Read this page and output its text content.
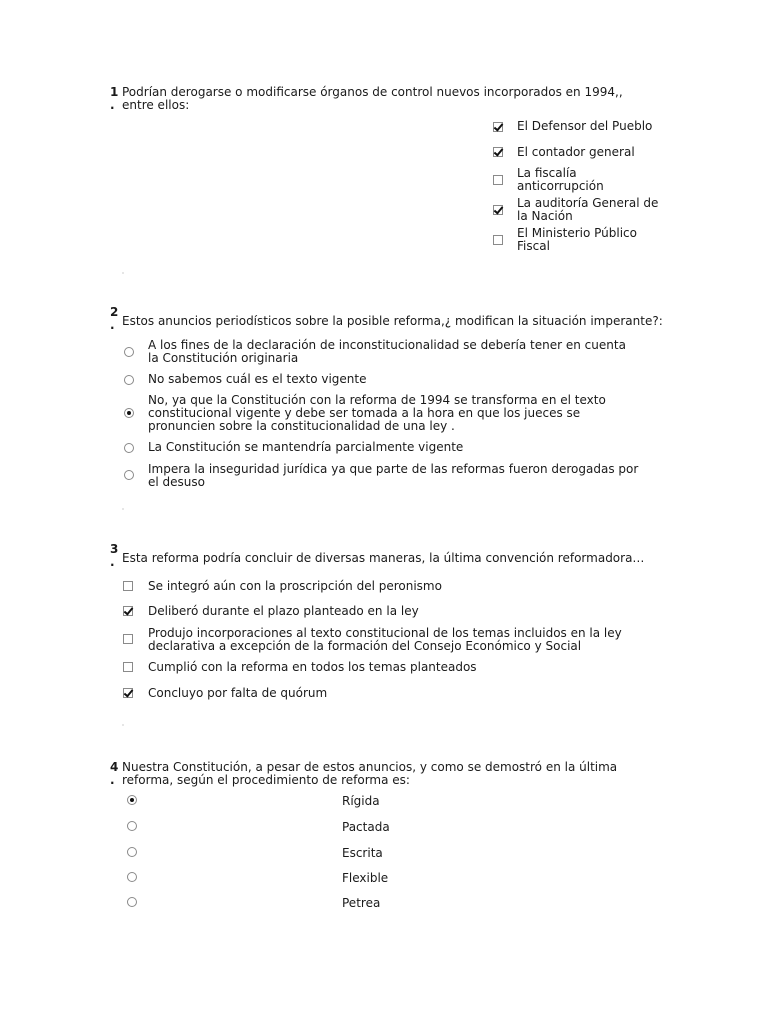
1
.
Podrían derogarse o modificarse órganos de control nuevos incorporados en 1994,, entre ellos:
El Defensor del Pueblo
El contador general
La fiscalía anticorrupción
La auditoría General de la Nación
El Ministerio Público Fiscal
2
. Estos anuncios periodísticos sobre la posible reforma,¿ modifican la situación imperante?:
A los fines de la declaración de inconstitucionalidad se debería tener en cuenta la Constitución originaria
No sabemos cuál es el texto vigente
No, ya que la Constitución con la reforma de 1994 se transforma en el texto constitucional vigente y debe ser tomada a la hora en que los jueces se pronuncien sobre la constitucionalidad de una ley .
La Constitución se mantendría parcialmente vigente
Impera la inseguridad jurídica ya que parte de las reformas fueron derogadas por el desuso
3
. Esta reforma podría concluir de diversas maneras, la última convención reformadora…
Se integró aún con la proscripción del peronismo
Deliberó durante el plazo planteado en la ley
Produjo incorporaciones al texto constitucional de los temas incluidos en la ley declarativa a excepción de la formación del Consejo Económico y Social
Cumplió con la reforma en todos los temas planteados
Concluyo por falta de quórum
4
.
Nuestra Constitución, a pesar de estos anuncios, y como se demostró en la última reforma, según el procedimiento de reforma es:
Rígida
Pactada
Escrita
Flexible
Petrea
